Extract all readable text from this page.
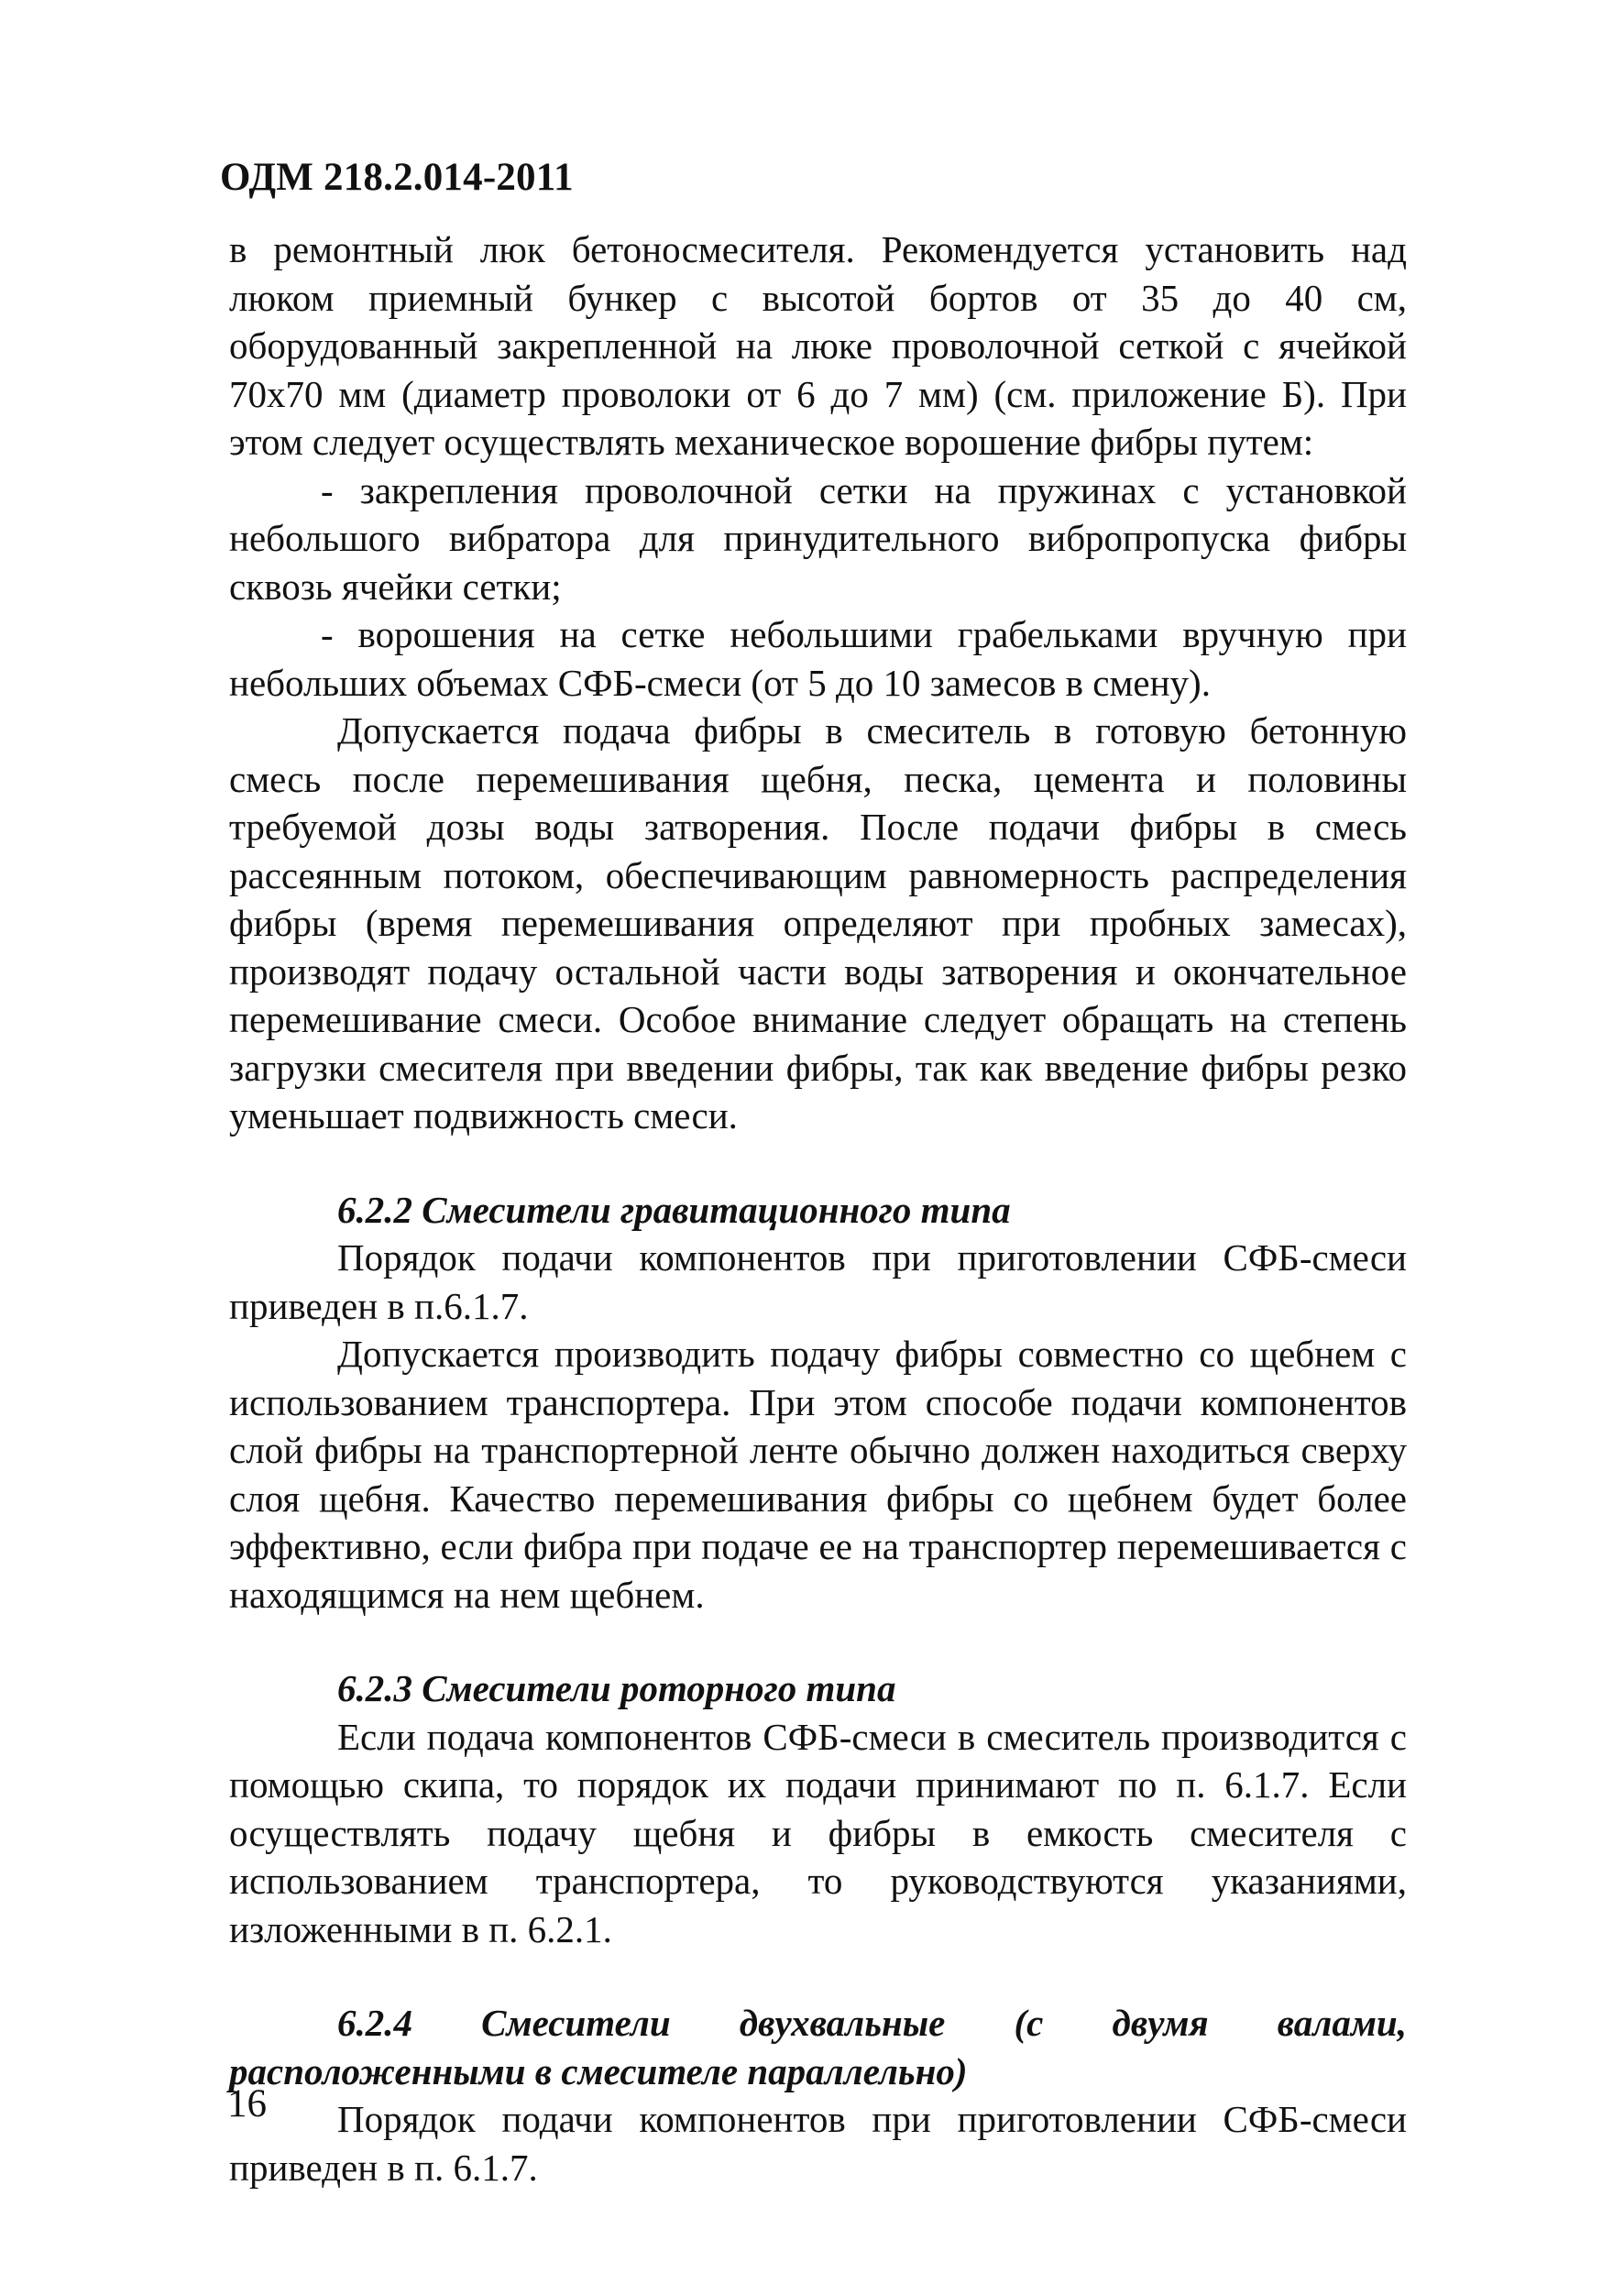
ОДМ 218.2.014-2011

в ремонтный люк бетоносмесителя. Рекомендуется установить над люком приемный бункер с высотой бортов от 35 до 40 см, оборудованный закрепленной на люке проволочной сеткой с ячейкой 70х70 мм (диаметр проволоки от 6 до 7 мм) (см. приложение Б). При этом следует осуществлять механическое ворошение фибры путем:

- закрепления проволочной сетки на пружинах с установкой небольшого вибратора для принудительного вибропропуска фибры сквозь ячейки сетки;

- ворошения на сетке небольшими грабельками вручную при небольших объемах СФБ-смеси (от 5 до 10 замесов в смену).

Допускается подача фибры в смеситель в готовую бетонную смесь после перемешивания щебня, песка, цемента и половины требуемой дозы воды затворения. После подачи фибры в смесь рассеянным потоком, обеспечивающим равномерность распределения фибры (время перемешивания определяют при пробных замесах), производят подачу остальной части воды затворения и окончательное перемешивание смеси. Особое внимание следует обращать на степень загрузки смесителя при введении фибры, так как введение фибры резко уменьшает подвижность смеси.

6.2.2 Смесители гравитационного типа

Порядок подачи компонентов при приготовлении СФБ-смеси приведен в п.6.1.7.

Допускается производить подачу фибры совместно со щебнем с использованием транспортера. При этом способе подачи компонентов слой фибры на транспортерной ленте обычно должен находиться сверху слоя щебня. Качество перемешивания фибры со щебнем будет более эффективно, если фибра при подаче ее на транспортер перемешивается с находящимся на нем щебнем.

6.2.3 Смесители роторного типа

Если подача компонентов СФБ-смеси в смеситель производится с помощью скипа, то порядок их подачи принимают по п. 6.1.7. Если осуществлять подачу щебня и фибры в емкость смесителя с использованием транспортера, то руководствуются указаниями, изложенными в п. 6.2.1.

6.2.4 Смесители двухвальные (с двумя валами, расположенными в смесителе параллельно)

Порядок подачи компонентов при приготовлении СФБ-смеси приведен в п. 6.1.7.

16
